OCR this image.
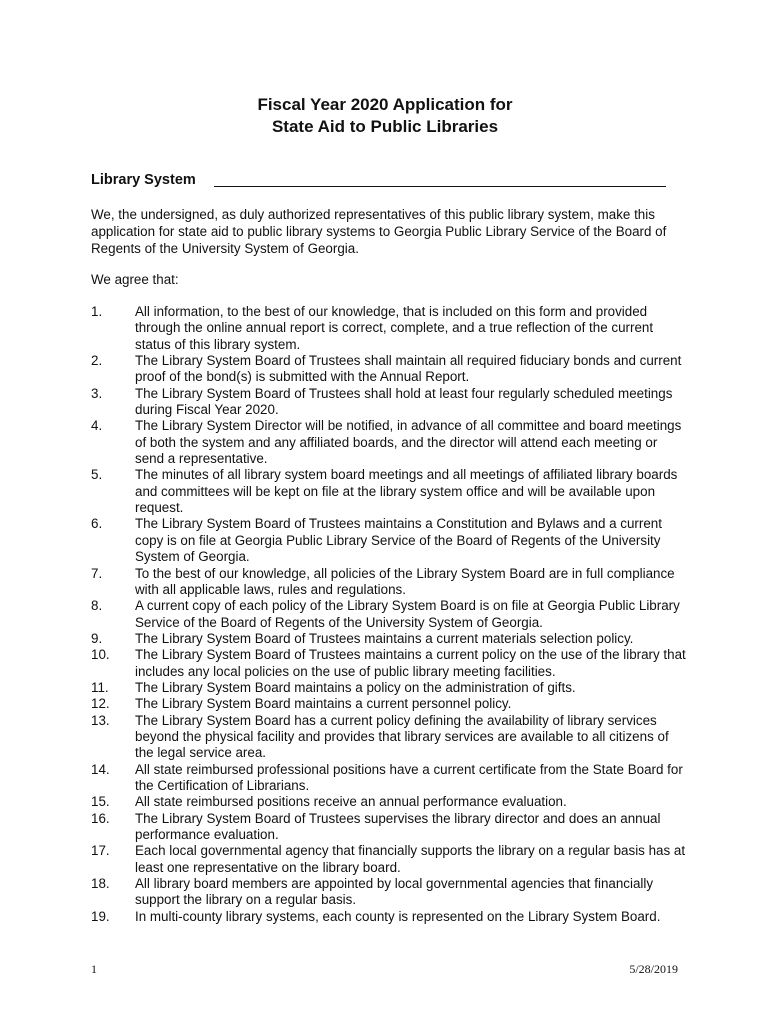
Fiscal Year 2020 Application for
State Aid to Public Libraries
Library System
We, the undersigned, as duly authorized representatives of this public library system, make this application for state aid to public library systems to Georgia Public Library Service of the Board of Regents of the University System of Georgia.
We agree that:
1.	All information, to the best of our knowledge, that is included on this form and provided through the online annual report is correct, complete, and a true reflection of the current status of this library system.
2.	The Library System Board of Trustees shall maintain all required fiduciary bonds and current proof of the bond(s) is submitted with the Annual Report.
3.	The Library System Board of Trustees shall hold at least four regularly scheduled meetings during Fiscal Year 2020.
4.	The Library System Director will be notified, in advance of all committee and board meetings of both the system and any affiliated boards, and the director will attend each meeting or send a representative.
5.	The minutes of all library system board meetings and all meetings of affiliated library boards and committees will be kept on file at the library system office and will be available upon request.
6.	The Library System Board of Trustees maintains a Constitution and Bylaws and a current copy is on file at Georgia Public Library Service of the Board of Regents of the University System of Georgia.
7.	To the best of our knowledge, all policies of the Library System Board are in full compliance with all applicable laws, rules and regulations.
8.	A current copy of each policy of the Library System Board is on file at Georgia Public Library Service of the Board of Regents of the University System of Georgia.
9.	The Library System Board of Trustees maintains a current materials selection policy.
10.	The Library System Board of Trustees maintains a current policy on the use of the library that includes any local policies on the use of public library meeting facilities.
11.	The Library System Board maintains a policy on the administration of gifts.
12.	The Library System Board maintains a current personnel policy.
13.	The Library System Board has a current policy defining the availability of library services beyond the physical facility and provides that library services are available to all citizens of the legal service area.
14.	All state reimbursed professional positions have a current certificate from the State Board for the Certification of Librarians.
15.	All state reimbursed positions receive an annual performance evaluation.
16.	The Library System Board of Trustees supervises the library director and does an annual performance evaluation.
17.	Each local governmental agency that financially supports the library on a regular basis has at least one representative on the library board.
18.	All library board members are appointed by local governmental agencies that financially support the library on a regular basis.
19.	In multi-county library systems, each county is represented on the Library System Board.
1	5/28/2019
